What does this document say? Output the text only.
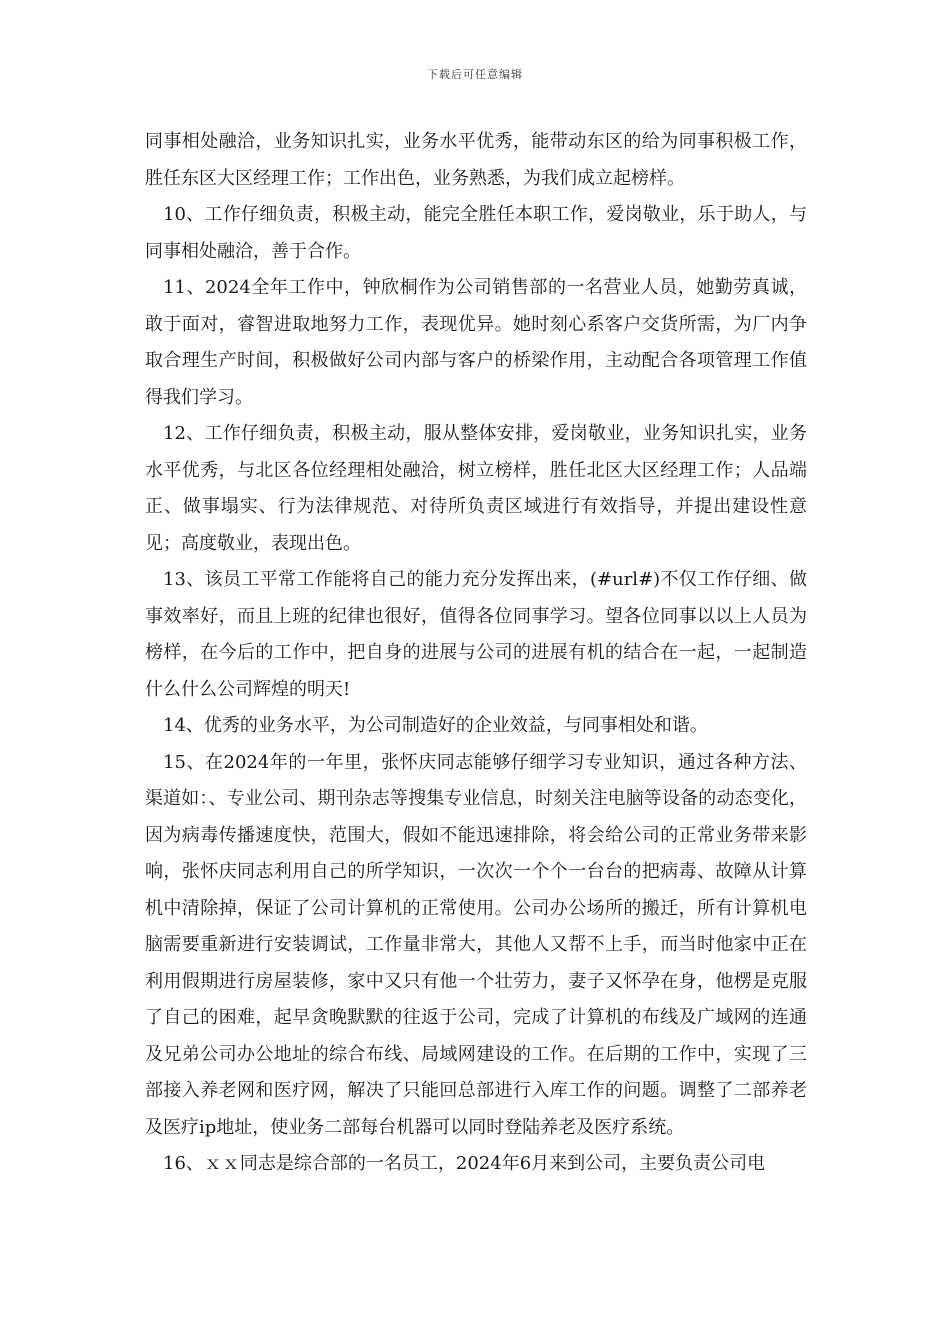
下载后可任意编辑

同事相处融洽，业务知识扎实，业务水平优秀，能带动东区的给为同事积极工作，胜任东区大区经理工作；工作出色，业务熟悉，为我们成立起榜样。

10、工作仔细负责，积极主动，能完全胜任本职工作，爱岗敬业，乐于助人，与同事相处融洽，善于合作。

11、2024全年工作中，钟欣桐作为公司销售部的一名营业人员，她勤劳真诚，敢于面对，睿智进取地努力工作，表现优异。她时刻心系客户交货所需，为厂内争取合理生产时间，积极做好公司内部与客户的桥梁作用，主动配合各项管理工作值得我们学习。

12、工作仔细负责，积极主动，服从整体安排，爱岗敬业，业务知识扎实，业务水平优秀，与北区各位经理相处融洽，树立榜样，胜任北区大区经理工作；人品端正、做事塌实、行为法律规范、对待所负责区域进行有效指导，并提出建设性意见；高度敬业，表现出色。

13、该员工平常工作能将自己的能力充分发挥出来，(#url#)不仅工作仔细、做事效率好，而且上班的纪律也很好，值得各位同事学习。望各位同事以以上人员为榜样，在今后的工作中，把自身的进展与公司的进展有机的结合在一起，一起制造什么什么公司辉煌的明天!

14、优秀的业务水平，为公司制造好的企业效益，与同事相处和谐。

15、在2024年的一年里，张怀庆同志能够仔细学习专业知识，通过各种方法、渠道如：、专业公司、期刊杂志等搜集专业信息，时刻关注电脑等设备的动态变化，因为病毒传播速度快，范围大，假如不能迅速排除，将会给公司的正常业务带来影响，张怀庆同志利用自己的所学知识，一次次一个个一台台的把病毒、故障从计算机中清除掉，保证了公司计算机的正常使用。公司办公场所的搬迁，所有计算机电脑需要重新进行安装调试，工作量非常大，其他人又帮不上手，而当时他家中正在利用假期进行房屋装修，家中又只有他一个壮劳力，妻子又怀孕在身，他楞是克服了自己的困难，起早贪晚默默的往返于公司，完成了计算机的布线及广域网的连通及兄弟公司办公地址的综合布线、局域网建设的工作。在后期的工作中，实现了三部接入养老网和医疗网，解决了只能回总部进行入库工作的问题。调整了二部养老及医疗ip地址，使业务二部每台机器可以同时登陆养老及医疗系统。

16、ｘｘ同志是综合部的一名员工，2024年6月来到公司，主要负责公司电
